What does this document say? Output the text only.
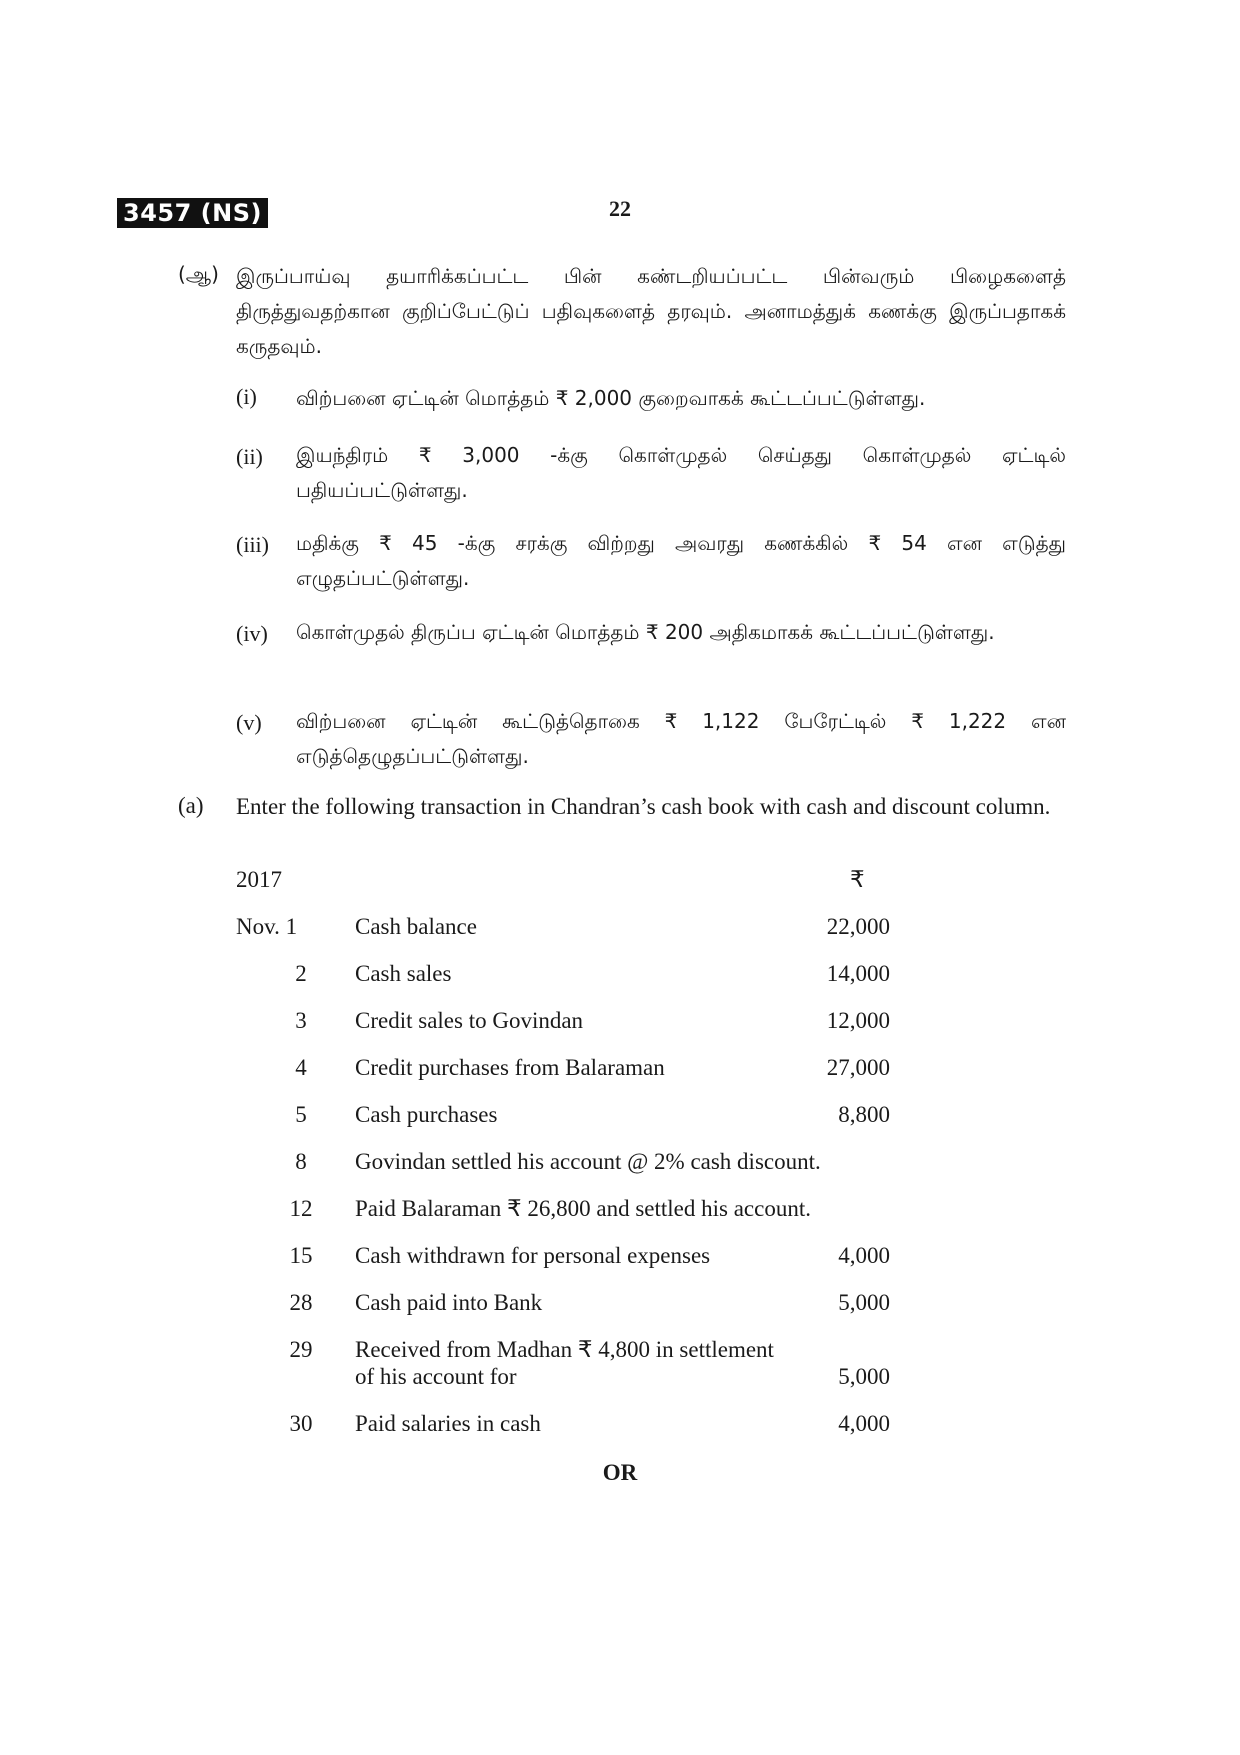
3457 (NS)	22
(ஆ) இருப்பாய்வு தயாரிக்கப்பட்ட பின் கண்டறியப்பட்ட பின்வரும் பிழைகளைத் திருத்துவதற்கான குறிப்பேட்டுப் பதிவுகளைத் தரவும். அனாமத்துக் கணக்கு இருப்பதாகக் கருதவும்.
(i) விற்பனை ஏட்டின் மொத்தம் ₹ 2,000 குறைவாகக் கூட்டப்பட்டுள்ளது.
(ii) இயந்திரம் ₹ 3,000 -க்கு கொள்முதல் செய்தது கொள்முதல் ஏட்டில் பதியப்பட்டுள்ளது.
(iii) மதிக்கு ₹ 45 -க்கு சரக்கு விற்றது அவரது கணக்கில் ₹ 54 என எடுத்து எழுதப்பட்டுள்ளது.
(iv) கொள்முதல் திருப்ப ஏட்டின் மொத்தம் ₹ 200 அதிகமாகக் கூட்டப்பட்டுள்ளது.
(v) விற்பனை ஏட்டின் கூட்டுத்தொகை ₹ 1,122 பேரேட்டில் ₹ 1,222 என எடுத்தெழுதப்பட்டுள்ளது.
(a) Enter the following transaction in Chandran’s cash book with cash and discount column.
2017	₹
Nov. 1	Cash balance	22,000
2	Cash sales	14,000
3	Credit sales to Govindan	12,000
4	Credit purchases from Balaraman	27,000
5	Cash purchases	8,800
8	Govindan settled his account @ 2% cash discount.
12 Paid Balaraman ₹ 26,800 and settled his account.
15 Cash withdrawn for personal expenses	4,000
28 Cash paid into Bank	5,000
29 Received from Madhan ₹ 4,800 in settlement
of his account for	5,000
30 Paid salaries in cash	4,000
OR
